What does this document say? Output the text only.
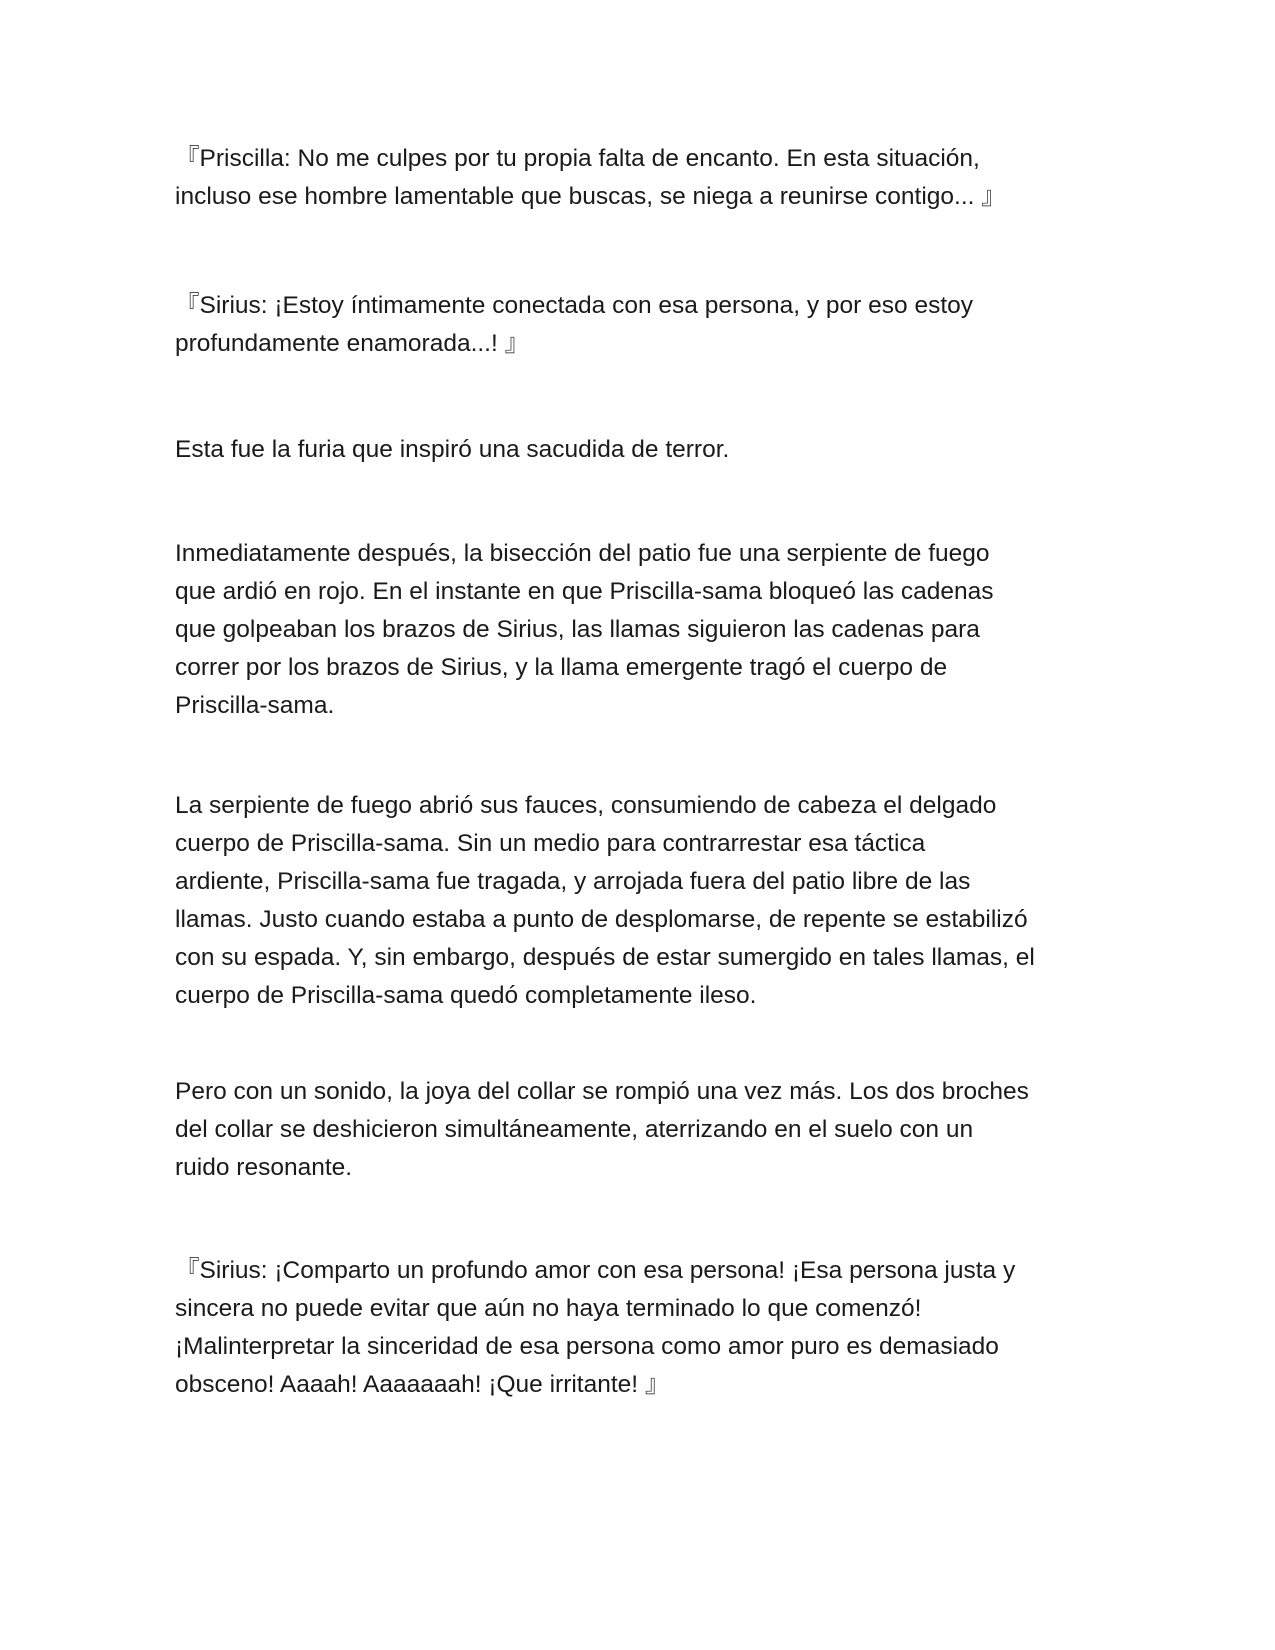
『Priscilla: No me culpes por tu propia falta de encanto. En esta situación,
incluso ese hombre lamentable que buscas, se niega a reunirse contigo... 』

『Sirius: ¡Estoy íntimamente conectada con esa persona, y por eso estoy
profundamente enamorada...! 』

Esta fue la furia que inspiró una sacudida de terror.

Inmediatamente después, la bisección del patio fue una serpiente de fuego
que ardió en rojo. En el instante en que Priscilla-sama bloqueó las cadenas
que golpeaban los brazos de Sirius, las llamas siguieron las cadenas para
correr por los brazos de Sirius, y la llama emergente tragó el cuerpo de
Priscilla-sama.

La serpiente de fuego abrió sus fauces, consumiendo de cabeza el delgado
cuerpo de Priscilla-sama. Sin un medio para contrarrestar esa táctica
ardiente, Priscilla-sama fue tragada, y arrojada fuera del patio libre de las
llamas. Justo cuando estaba a punto de desplomarse, de repente se estabilizó
con su espada. Y, sin embargo, después de estar sumergido en tales llamas, el
cuerpo de Priscilla-sama quedó completamente ileso.

Pero con un sonido, la joya del collar se rompió una vez más. Los dos broches
del collar se deshicieron simultáneamente, aterrizando en el suelo con un
ruido resonante.

『Sirius: ¡Comparto un profundo amor con esa persona! ¡Esa persona justa y
sincera no puede evitar que aún no haya terminado lo que comenzó!
¡Malinterpretar la sinceridad de esa persona como amor puro es demasiado
obsceno! Aaaah! Aaaaaaah! ¡Que irritante! 』
